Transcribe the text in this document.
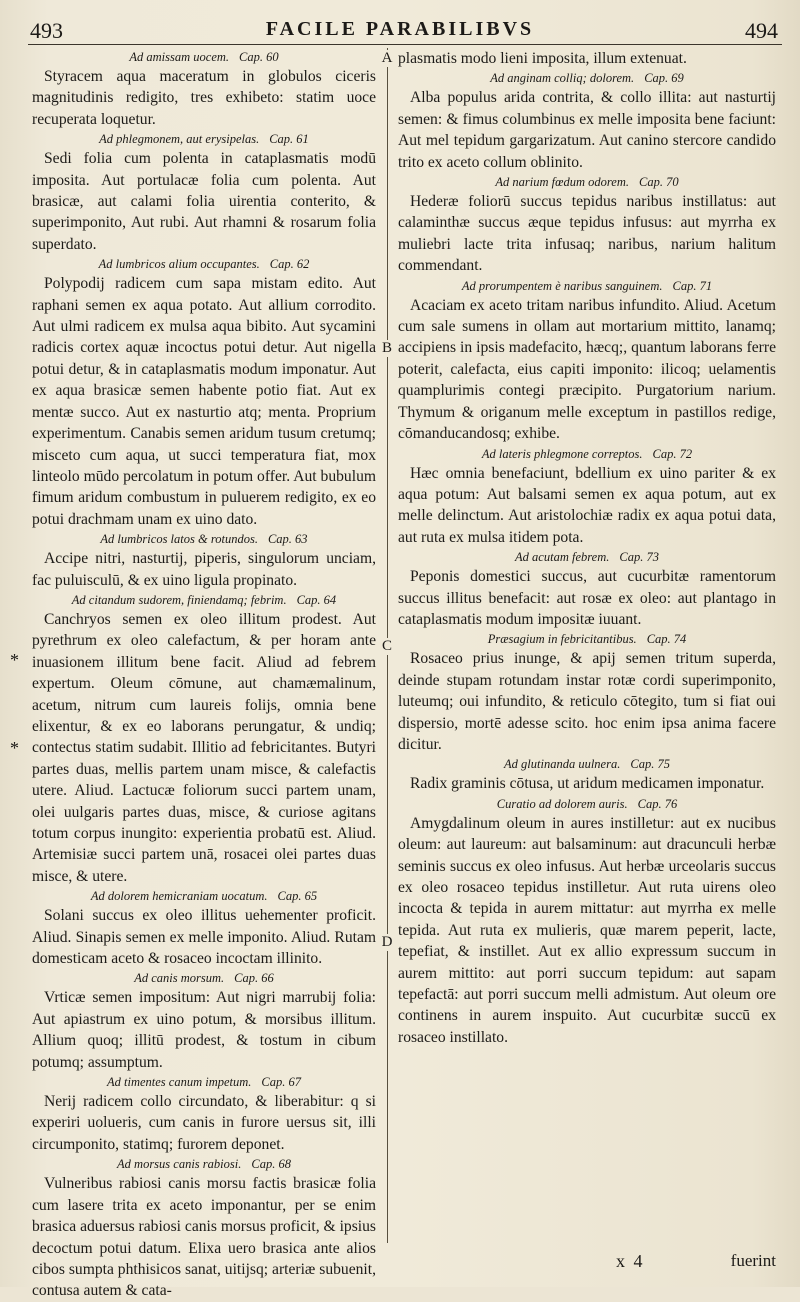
493	FACILE PARABILIBVS	494
A
B
C
D
*
*
Ad amissam uocem. Cap. 60

Styracem aqua maceratum in globulos ciceris magnitudinis redigito, tres exhibeto: statim uoce recuperata loquetur.

Ad phlegmonem, aut erysipelas. Cap. 61

Sedi folia cum polenta in cataplasmatis modū imposita. Aut portulacæ folia cum polenta. Aut brasicæ, aut calami folia uirentia conterito, & superimponito, Aut rubi. Aut rhamni & rosarum folia superdato.

Ad lumbricos alium occupantes. Cap. 62

Polypodij radicem cum sapa mistam edito. Aut raphani semen ex aqua potato. Aut allium corrodito. Aut ulmi radicem ex mulsa aqua bibito. Aut sycamini radicis cortex aquæ incoctus potui detur. Aut nigella potui detur, & in cataplasmatis modum imponatur. Aut ex aqua brasicæ semen habente potio fiat. Aut ex mentæ succo. Aut ex nasturtio atq; menta. Proprium experimentum. Canabis semen aridum tusum cretumq; misceto cum aqua, ut succi temperatura fiat, mox linteolo mūdo percolatum in potum offer. Aut bubulum fimum aridum combustum in puluerem redigito, ex eo potui drachmam unam ex uino dato.

Ad lumbricos latos & rotundos. Cap. 63

Accipe nitri, nasturtij, piperis, singulorum unciam, fac puluisculū, & ex uino ligula propinato.

Ad citandum sudorem, finiendamq; febrim. Cap. 64

Canchryos semen ex oleo illitum prodest. Aut pyrethrum ex oleo calefactum, & per horam ante inuasionem illitum bene facit. Aliud ad febrem expertum. Oleum cōmune, aut chamæmalinum, acetum, nitrum cum laureis folijs, omnia bene elixentur, & ex eo laborans perungatur, & undiq; contectus statim sudabit. Illitio ad febricitantes. Butyri partes duas, mellis partem unam misce, & calefactis utere. Aliud. Lactucæ foliorum succi partem unam, olei uulgaris partes duas, misce, & curiose agitans totum corpus inungito: experientia probatū est. Aliud. Artemisiæ succi partem unā, rosacei olei partes duas misce, & utere.

Ad dolorem hemicraniam uocatum. Cap. 65

Solani succus ex oleo illitus uehementer proficit. Aliud. Sinapis semen ex melle imponito. Aliud. Rutam domesticam aceto & rosaceo incoctam illinito.

Ad canis morsum. Cap. 66

Vrticæ semen impositum: Aut nigri marrubij folia: Aut apiastrum ex uino potum, & morsibus illitum. Allium quoq; illitū prodest, & tostum in cibum potumq; assumptum.

Ad timentes canum impetum. Cap. 67

Nerij radicem collo circundato, & liberabitur: q si experiri uolueris, cum canis in furore uersus sit, illi circumponito, statimq; furorem deponet.

Ad morsus canis rabiosi. Cap. 68

Vulneribus rabiosi canis morsu factis brasicæ folia cum lasere trita ex aceto imponantur, per se enim brasica aduersus rabiosi canis morsus proficit, & ipsius decoctum potui datum. Elixa uero brasica ante alios cibos sumpta phthisicos sanat, uitijsq; arteriæ subuenit, contusa autem & cata-

plasmatis modo lieni imposita, illum extenuat.

Ad anginam colliq; dolorem. Cap. 69

Alba populus arida contrita, & collo illita: aut nasturtij semen: & fimus columbinus ex melle imposita bene faciunt: Aut mel tepidum gargarizatum. Aut canino stercore candido trito ex aceto collum oblinito.

Ad narium fœdum odorem. Cap. 70

Hederæ foliorū succus tepidus naribus instillatus: aut calaminthæ succus æque tepidus infusus: aut myrrha ex muliebri lacte trita infusaq; naribus, narium halitum commendant.

Ad prorumpentem è naribus sanguinem. Cap. 71

Acaciam ex aceto tritam naribus infundito. Aliud. Acetum cum sale sumens in ollam aut mortarium mittito, lanamq; accipiens in ipsis madefacito, hæcq;, quantum laborans ferre poterit, calefacta, eius capiti imponito: ilicoq; uelamentis quamplurimis contegi præcipito. Purgatorium narium. Thymum & origanum melle exceptum in pastillos redige, cōmanducandosq; exhibe.

Ad lateris phlegmone correptos. Cap. 72

Hæc omnia benefaciunt, bdellium ex uino pariter & ex aqua potum: Aut balsami semen ex aqua potum, aut ex melle delinctum. Aut aristolochiæ radix ex aqua potui data, aut ruta ex mulsa itidem pota.

Ad acutam febrem. Cap. 73

Peponis domestici succus, aut cucurbitæ ramentorum succus illitus benefacit: aut rosæ ex oleo: aut plantago in cataplasmatis modum impositæ iuuant.

Præsagium in febricitantibus. Cap. 74

Rosaceo prius inunge, & apij semen tritum superda, deinde stupam rotundam instar rotæ cordi superimponito, luteumq; oui infundito, & reticulo cōtegito, tum si fiat oui dispersio, mortē adesse scito. hoc enim ipsa anima facere dicitur.

Ad glutinanda uulnera. Cap. 75

Radix graminis cōtusa, ut aridum medicamen imponatur.

Curatio ad dolorem auris. Cap. 76

Amygdalinum oleum in aures instilletur: aut ex nucibus oleum: aut laureum: aut balsaminum: aut dracunculi herbæ seminis succus ex oleo infusus. Aut herbæ urceolaris succus ex oleo rosaceo tepidus instilletur. Aut ruta uirens oleo incocta & tepida in aurem mittatur: aut myrrha ex melle tepida. Aut ruta ex mulieris, quæ marem peperit, lacte, tepefiat, & instillet. Aut ex allio expressum succum in aurem mittito: aut porri succum tepidum: aut sapam tepefactā: aut porri succum melli admistum. Aut oleum ore continens in aurem inspuito. Aut cucurbitæ succū ex rosaceo instillato.

x 4	fuerint
